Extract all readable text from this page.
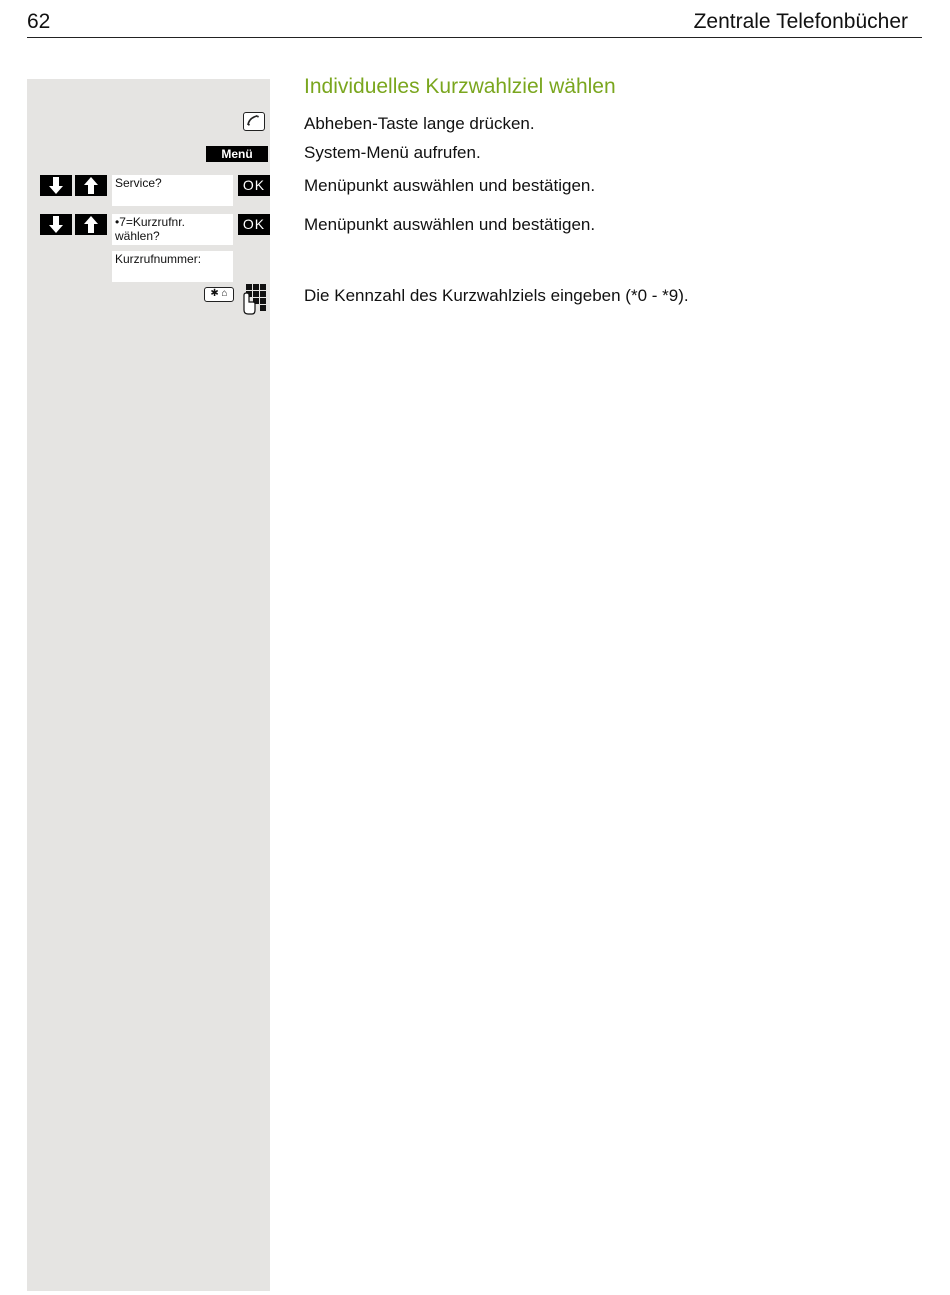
62	Zentrale Telefonbücher
Individuelles Kurzwahlziel wählen
Abheben-Taste lange drücken.
Menü	System-Menü aufrufen.
Service?	OK Menüpunkt auswählen und bestätigen.
•7=Kurzrufnr.
wählen?
OK Menüpunkt auswählen und bestätigen.
Kurzrufnummer:
✱ ⌂	Die Kennzahl des Kurzwahlziels eingeben (*0 - *9).
